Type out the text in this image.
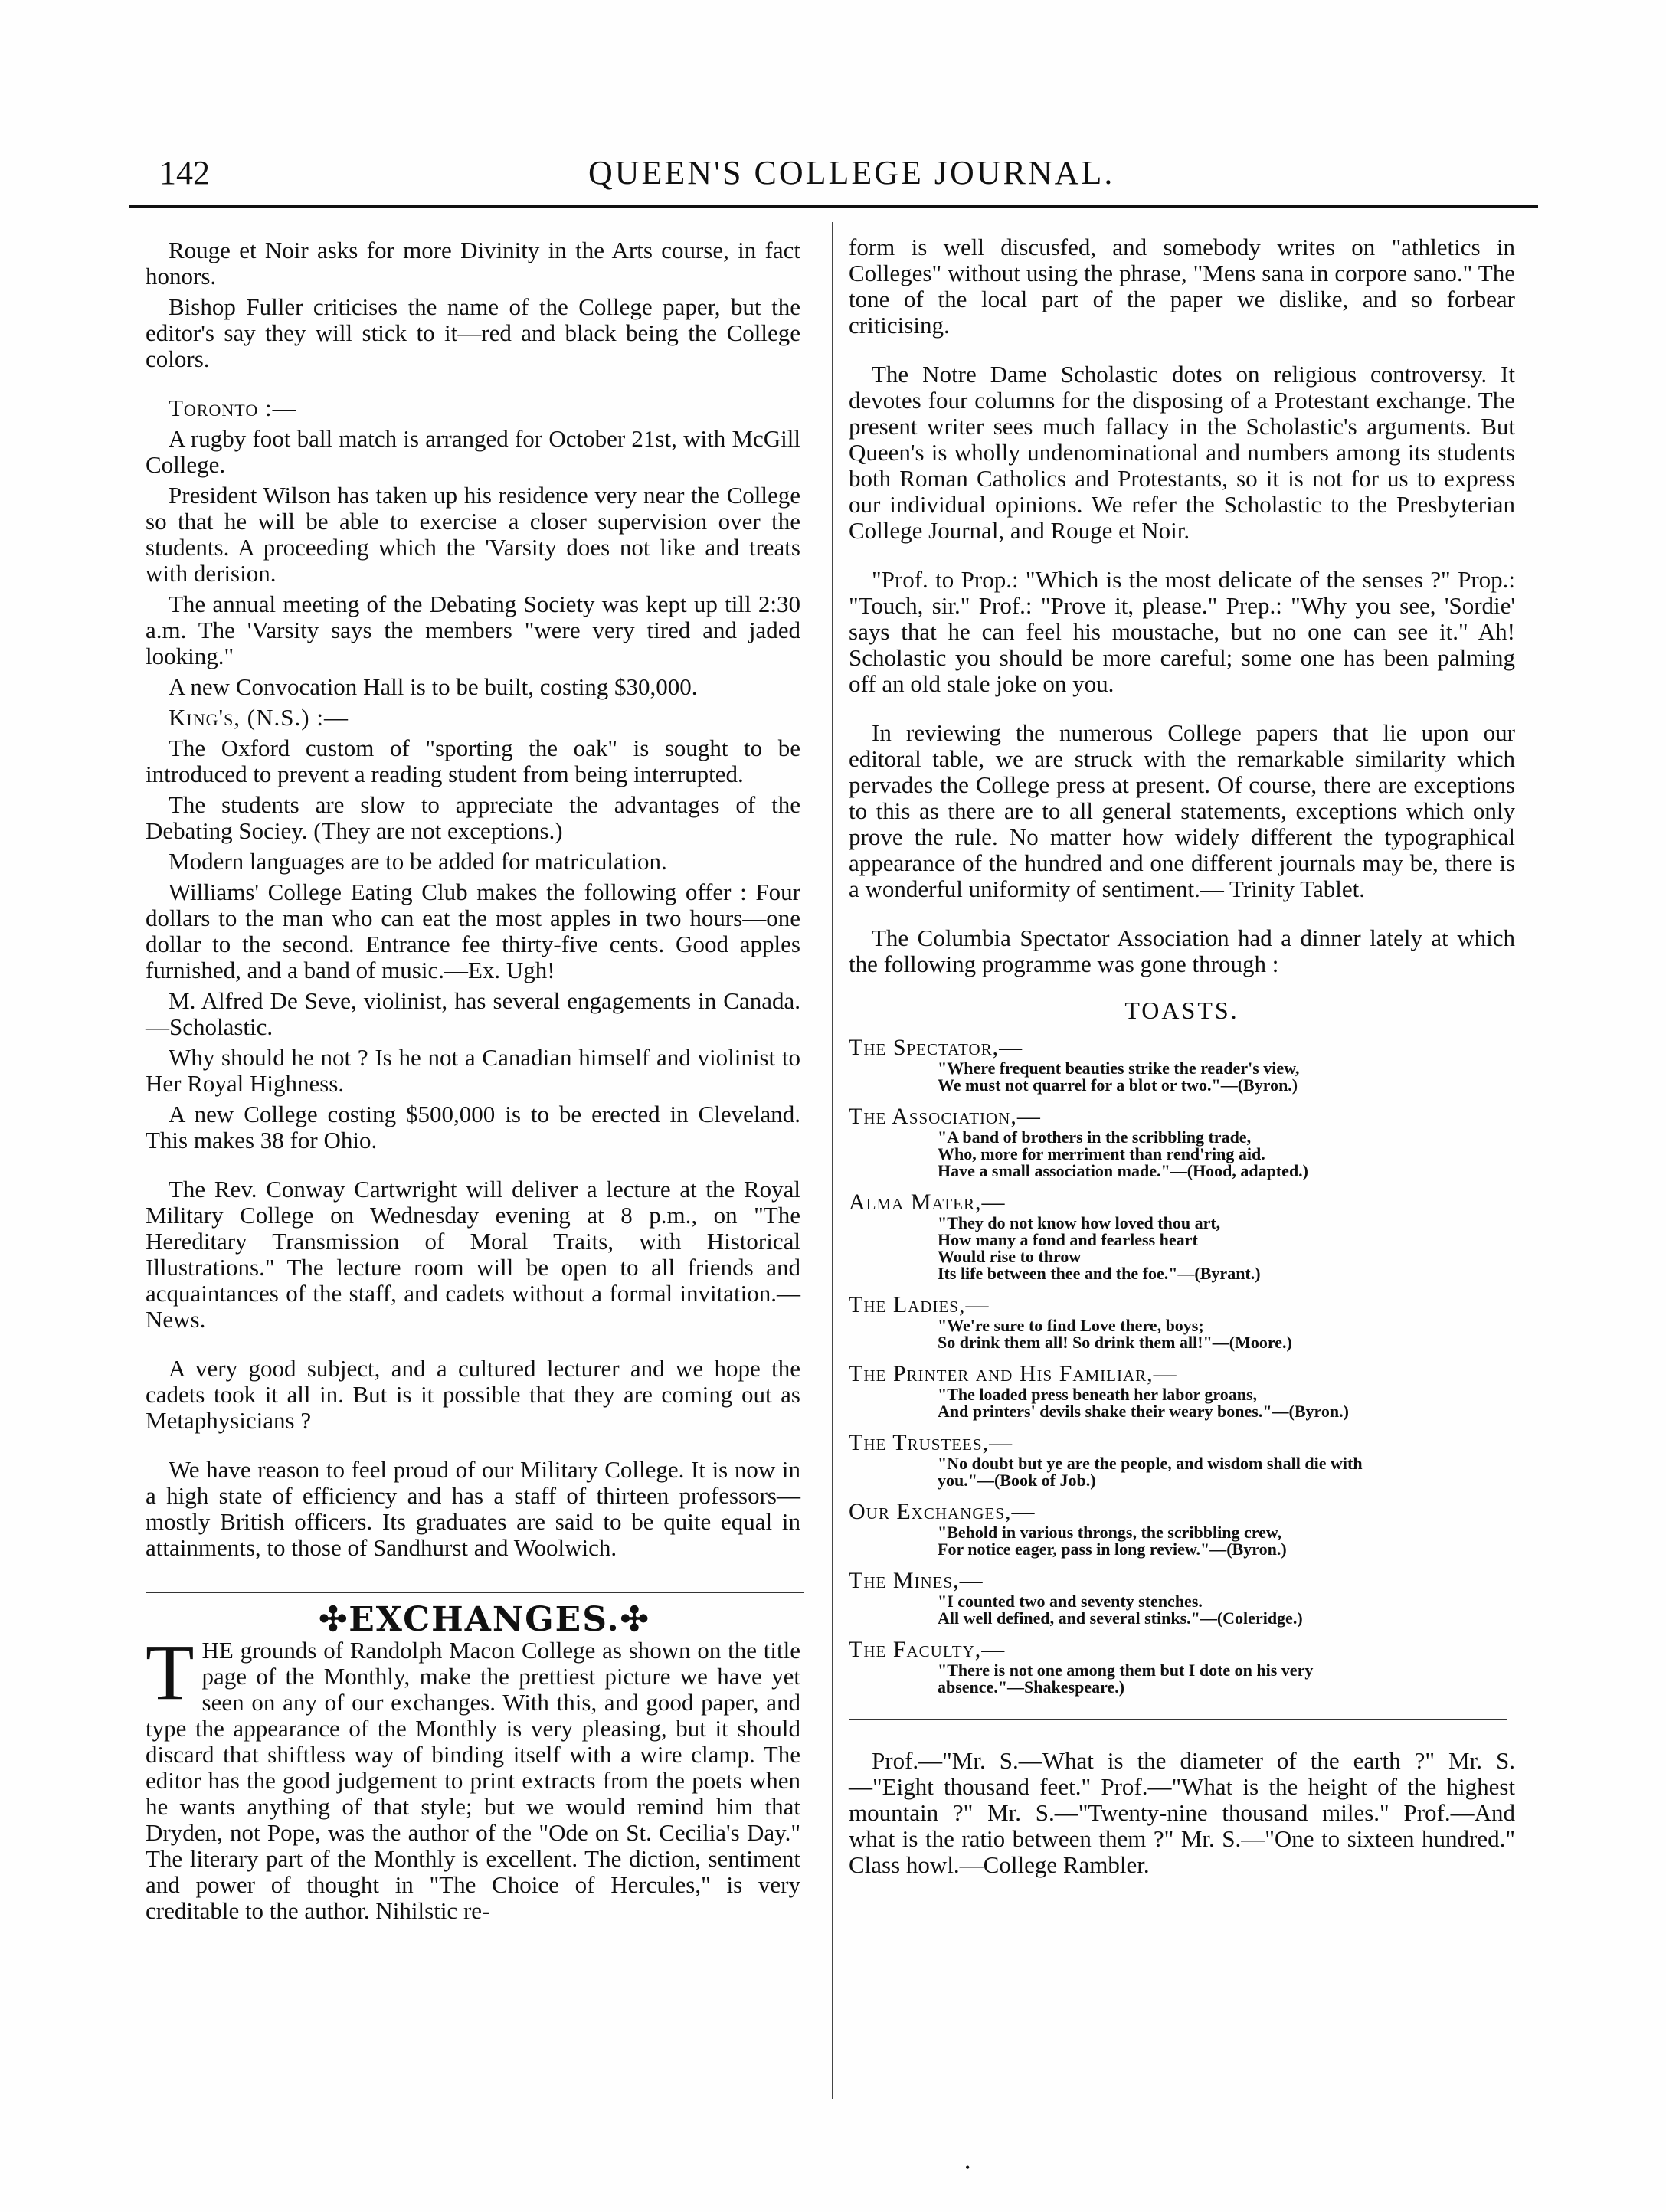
142	QUEEN'S COLLEGE JOURNAL.

Rouge et Noir asks for more Divinity in the Arts course, in fact honors.

Bishop Fuller criticises the name of the College paper, but the editor's say they will stick to it—red and black being the College colors.

Toronto :—

A rugby foot ball match is arranged for October 21st, with McGill College.

President Wilson has taken up his residence very near the College so that he will be able to exercise a closer supervision over the students. A proceeding which the 'Varsity does not like and treats with derision.

The annual meeting of the Debating Society was kept up till 2:30 a.m. The 'Varsity says the members "were very tired and jaded looking."

A new Convocation Hall is to be built, costing $30,000.

King's, (N.S.) :—

The Oxford custom of "sporting the oak" is sought to be introduced to prevent a reading student from being interrupted.

The students are slow to appreciate the advantages of the Debating Sociey. (They are not exceptions.)

Modern languages are to be added for matriculation.

Williams' College Eating Club makes the following offer : Four dollars to the man who can eat the most apples in two hours—one dollar to the second. Entrance fee thirty-five cents. Good apples furnished, and a band of music.—Ex. Ugh!

M. Alfred De Seve, violinist, has several engagements in Canada.—Scholastic.

Why should he not ? Is he not a Canadian himself and violinist to Her Royal Highness.

A new College costing $500,000 is to be erected in Cleveland. This makes 38 for Ohio.

The Rev. Conway Cartwright will deliver a lecture at the Royal Military College on Wednesday evening at 8 p.m., on "The Hereditary Transmission of Moral Traits, with Historical Illustrations." The lecture room will be open to all friends and acquaintances of the staff, and cadets without a formal invitation.—News.

A very good subject, and a cultured lecturer and we hope the cadets took it all in. But is it possible that they are coming out as Metaphysicians ?

We have reason to feel proud of our Military College. It is now in a high state of efficiency and has a staff of thirteen professors—mostly British officers. Its graduates are said to be quite equal in attainments, to those of Sandhurst and Woolwich.

✣EXCHANGES.✣

THE grounds of Randolph Macon College as shown on the title page of the Monthly, make the prettiest picture we have yet seen on any of our exchanges. With this, and good paper, and type the appearance of the Monthly is very pleasing, but it should discard that shiftless way of binding itself with a wire clamp. The editor has the good judgement to print extracts from the poets when he wants anything of that style; but we would remind him that Dryden, not Pope, was the author of the "Ode on St. Cecilia's Day." The literary part of the Monthly is excellent. The diction, sentiment and power of thought in "The Choice of Hercules," is very creditable to the author. Nihilstic re-

form is well discusfed, and somebody writes on "athletics in Colleges" without using the phrase, "Mens sana in corpore sano." The tone of the local part of the paper we dislike, and so forbear criticising.

The Notre Dame Scholastic dotes on religious controversy. It devotes four columns for the disposing of a Protestant exchange. The present writer sees much fallacy in the Scholastic's arguments. But Queen's is wholly undenominational and numbers among its students both Roman Catholics and Protestants, so it is not for us to express our individual opinions. We refer the Scholastic to the Presbyterian College Journal, and Rouge et Noir.

"Prof. to Prop.: "Which is the most delicate of the senses ?" Prop.: "Touch, sir." Prof.: "Prove it, please." Prep.: "Why you see, 'Sordie' says that he can feel his moustache, but no one can see it." Ah! Scholastic you should be more careful; some one has been palming off an old stale joke on you.

In reviewing the numerous College papers that lie upon our editoral table, we are struck with the remarkable similarity which pervades the College press at present. Of course, there are exceptions to this as there are to all general statements, exceptions which only prove the rule. No matter how widely different the typographical appearance of the hundred and one different journals may be, there is a wonderful uniformity of sentiment.— Trinity Tablet.

The Columbia Spectator Association had a dinner lately at which the following programme was gone through :

TOASTS.
The Spectator,—
"Where frequent beauties strike the reader's view,
We must not quarrel for a blot or two."—(Byron.)
The Association,—
"A band of brothers in the scribbling trade,
Who, more for merriment than rend'ring aid.
Have a small association made."—(Hood, adapted.)
Alma Mater,—
"They do not know how loved thou art,
How many a fond and fearless heart
Would rise to throw
Its life between thee and the foe."—(Byrant.)
The Ladies,—
"We're sure to find Love there, boys;
So drink them all! So drink them all!"—(Moore.)
The Printer and His Familiar,—
"The loaded press beneath her labor groans,
And printers' devils shake their weary bones."—(Byron.)
The Trustees,—
"No doubt but ye are the people, and wisdom shall die with
you."—(Book of Job.)
Our Exchanges,—
"Behold in various throngs, the scribbling crew,
For notice eager, pass in long review."—(Byron.)
The Mines,—
"I counted two and seventy stenches.
All well defined, and several stinks."—(Coleridge.)
The Faculty,—
"There is not one among them but I dote on his very
absence."—Shakespeare.)

Prof.—"Mr. S.—What is the diameter of the earth ?" Mr. S.—"Eight thousand feet." Prof.—"What is the height of the highest mountain ?" Mr. S.—"Twenty-nine thousand miles." Prof.—And what is the ratio between them ?" Mr. S.—"One to sixteen hundred." Class howl.—College Rambler.

•
